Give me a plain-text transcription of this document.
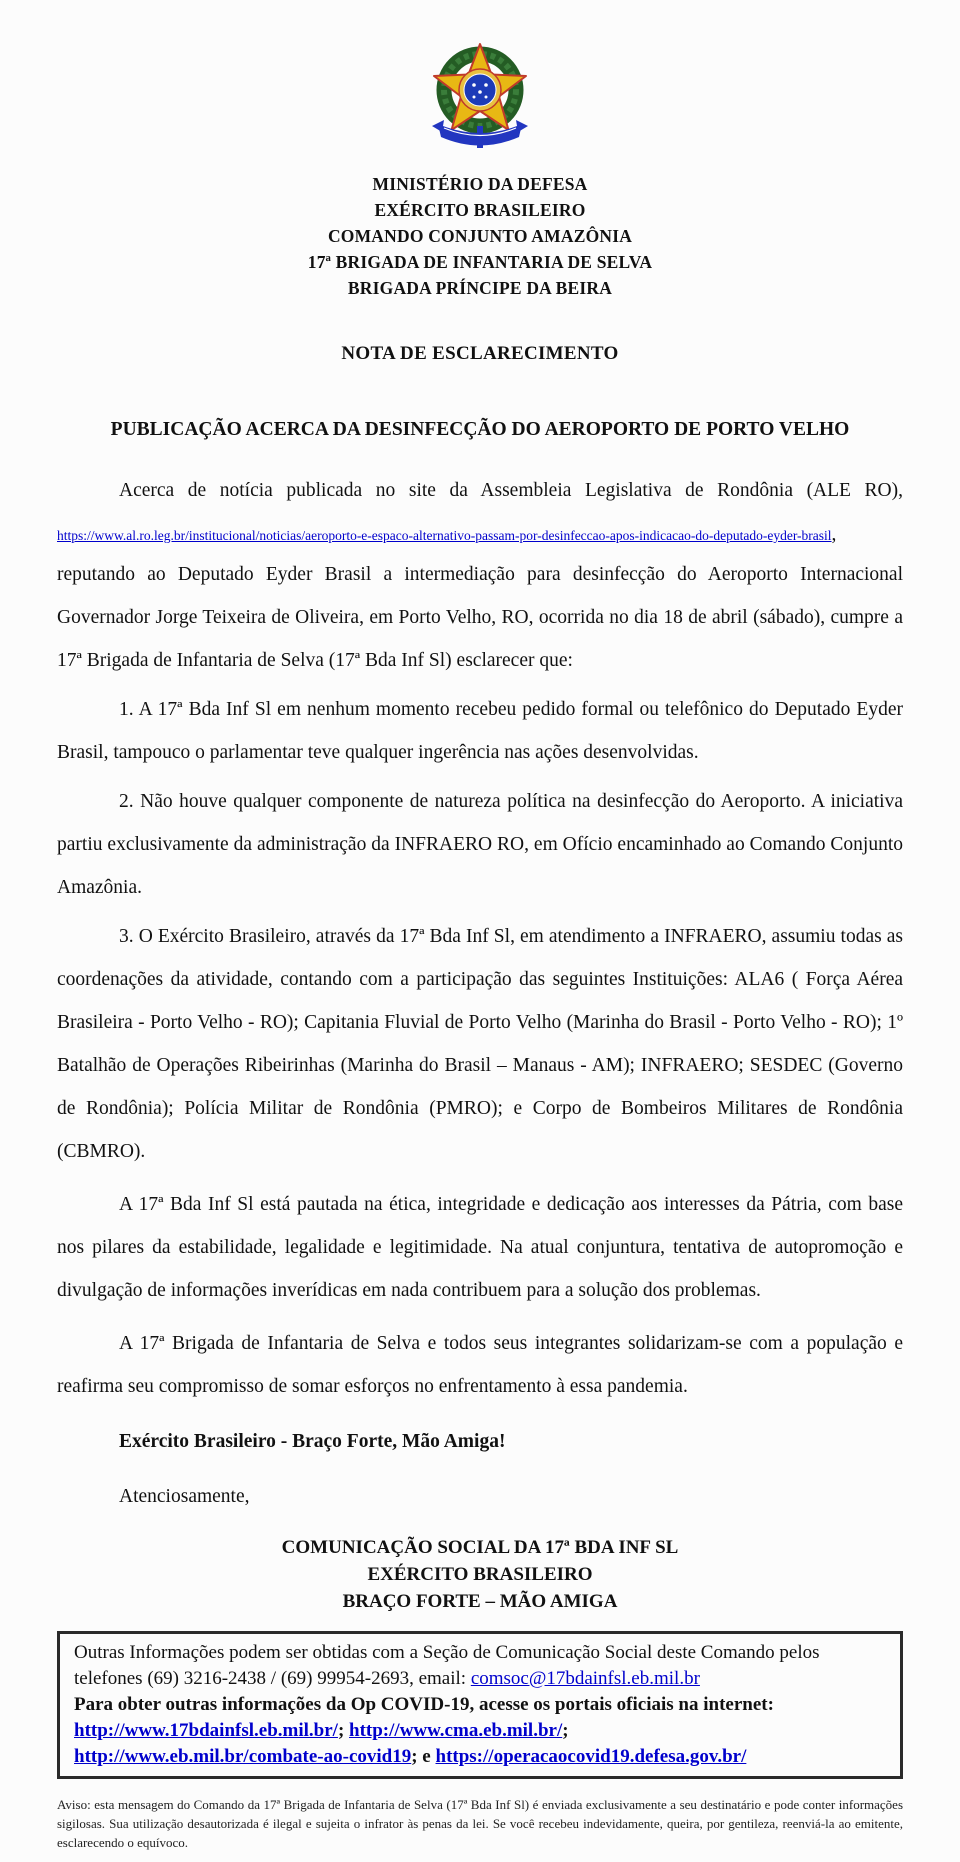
MINISTÉRIO DA DEFESA
EXÉRCITO BRASILEIRO
COMANDO CONJUNTO AMAZÔNIA
17ª BRIGADA DE INFANTARIA DE SELVA
BRIGADA PRÍNCIPE DA BEIRA
NOTA DE ESCLARECIMENTO
PUBLICAÇÃO ACERCA DA DESINFECÇÃO DO AEROPORTO DE PORTO VELHO

Acerca de notícia publicada no site da Assembleia Legislativa de Rondônia (ALE RO),

https://www.al.ro.leg.br/institucional/noticias/aeroporto-e-espaco-alternativo-passam-por-desinfeccao-apos-indicacao-do-deputado-eyder-brasil,

reputando ao Deputado Eyder Brasil a intermediação para desinfecção do Aeroporto Internacional Governador Jorge Teixeira de Oliveira, em Porto Velho, RO, ocorrida no dia 18 de abril (sábado), cumpre a 17ª Brigada de Infantaria de Selva (17ª Bda Inf Sl) esclarecer que:

1. A 17ª Bda Inf Sl em nenhum momento recebeu pedido formal ou telefônico do Deputado Eyder Brasil, tampouco o parlamentar teve qualquer ingerência nas ações desenvolvidas.

2. Não houve qualquer componente de natureza política na desinfecção do Aeroporto. A iniciativa partiu exclusivamente da administração da INFRAERO RO, em Ofício encaminhado ao Comando Conjunto Amazônia.

3. O Exército Brasileiro, através da 17ª Bda Inf Sl, em atendimento a INFRAERO, assumiu todas as coordenações da atividade, contando com a participação das seguintes Instituições: ALA6 ( Força Aérea Brasileira - Porto Velho - RO); Capitania Fluvial de Porto Velho (Marinha do Brasil - Porto Velho - RO); 1º Batalhão de Operações Ribeirinhas (Marinha do Brasil – Manaus - AM); INFRAERO; SESDEC (Governo de Rondônia); Polícia Militar de Rondônia (PMRO); e Corpo de Bombeiros Militares de Rondônia (CBMRO).

A 17ª Bda Inf Sl está pautada na ética, integridade e dedicação aos interesses da Pátria, com base nos pilares da estabilidade, legalidade e legitimidade. Na atual conjuntura, tentativa de autopromoção e divulgação de informações inverídicas em nada contribuem para a solução dos problemas.

A 17ª Brigada de Infantaria de Selva e todos seus integrantes solidarizam-se com a população e reafirma seu compromisso de somar esforços no enfrentamento à essa pandemia.

Exército Brasileiro - Braço Forte, Mão Amiga!
Atenciosamente,
COMUNICAÇÃO SOCIAL DA 17ª BDA INF SL
EXÉRCITO BRASILEIRO
BRAÇO FORTE – MÃO AMIGA
Outras Informações podem ser obtidas com a Seção de Comunicação Social deste Comando pelos telefones (69) 3216-2438 / (69) 99954-2693, email: comsoc@17bdainfsl.eb.mil.br
Para obter outras informações da Op COVID-19, acesse os portais oficiais na internet:
http://www.17bdainfsl.eb.mil.br/; http://www.cma.eb.mil.br/;
http://www.eb.mil.br/combate-ao-covid19; e https://operacaocovid19.defesa.gov.br/
Aviso: esta mensagem do Comando da 17ª Brigada de Infantaria de Selva (17ª Bda Inf Sl) é enviada exclusivamente a seu destinatário e pode conter informações sigilosas. Sua utilização desautorizada é ilegal e sujeita o infrator às penas da lei. Se você recebeu indevidamente, queira, por gentileza, reenviá-la ao emitente, esclarecendo o equívoco.
